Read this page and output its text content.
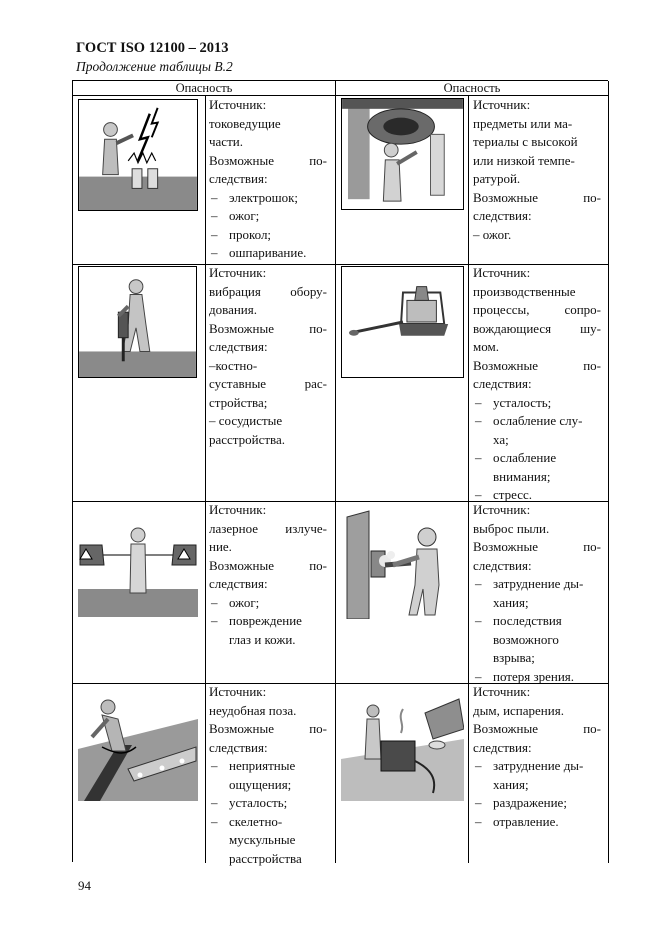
ГОСТ ISO 12100 – 2013
Продолжение таблицы В.2
Опасность	Опасность
Источник:
токоведущие
части.
Возможные по-
следствия:
– электрошок;
– ожог;
– прокол;
– ошпаривание.
Источник:
предметы или ма-
териалы с высокой
или низкой темпе-
ратурой.
Возможные по-
следствия:
– ожог.
Источник:
вибрация обору-
дования.
Возможные по-
следствия:
–костно-
суставные рас-
стройства;
– сосудистые
расстройства.
Источник:
производственные
процессы, сопро-
вождающиеся шу-
мом.
Возможные по-
следствия:
– усталость;
– ослабление слу-
ха;
– ослабление
внимания;
– стресс.
Источник:
лазерное излуче-
ние.
Возможные по-
следствия:
– ожог;
– повреждение
глаз и кожи.
Источник:
выброс пыли.
Возможные по-
следствия:
– затруднение ды-
хания;
– последствия
возможного
взрыва;
– потеря зрения.
Источник:
неудобная поза.
Возможные по-
следствия:
– неприятные
ощущения;
– усталость;
– скелетно-
мускульные
расстройства
Источник:
дым, испарения.
Возможные по-
следствия:
– затруднение ды-
хания;
– раздражение;
– отравление.
94
